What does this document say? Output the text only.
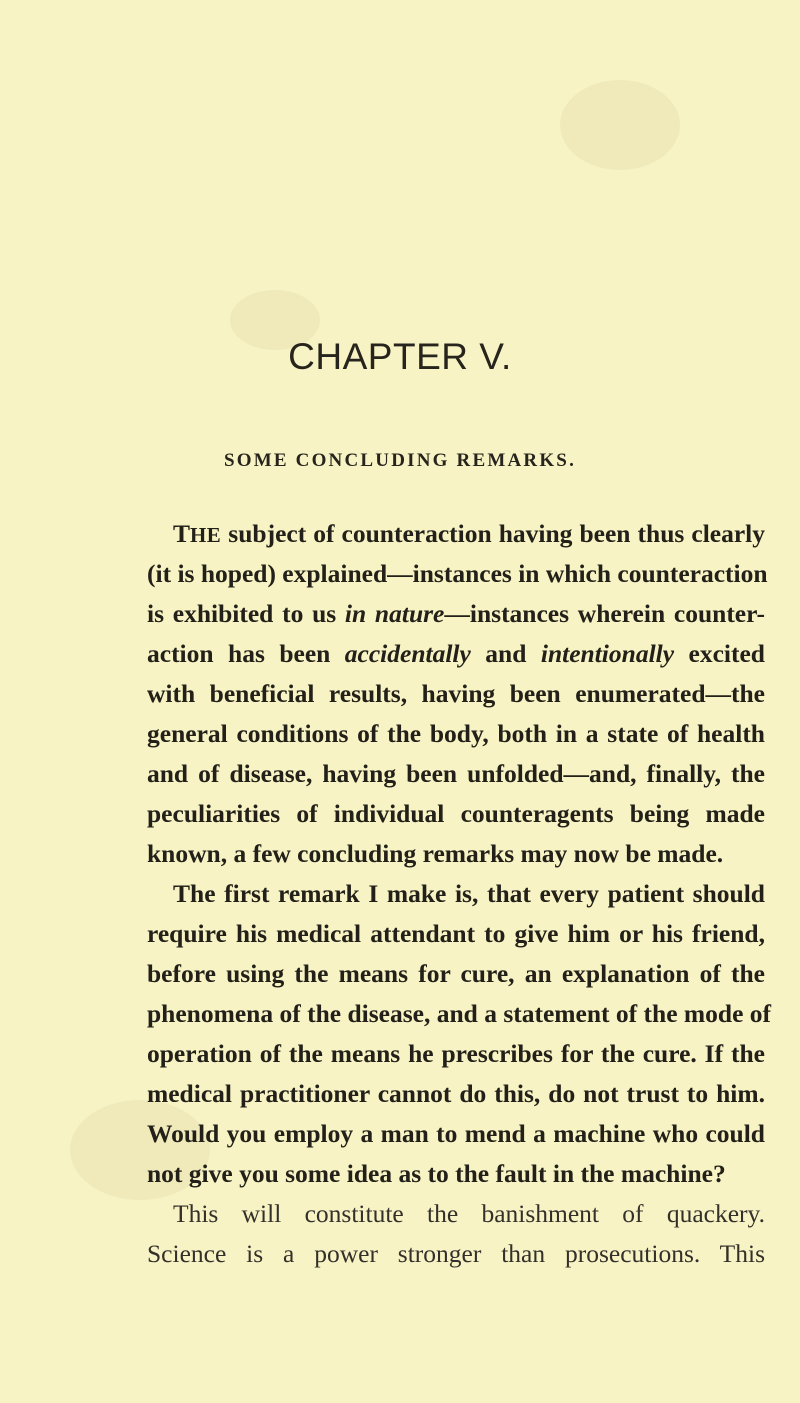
CHAPTER V.
SOME CONCLUDING REMARKS.
THE subject of counteraction having been thus clearly
(it is hoped) explained—instances in which counteraction
is exhibited to us in nature—instances wherein counter-
action has been accidentally and intentionally excited
with beneficial results, having been enumerated—the
general conditions of the body, both in a state of health
and of disease, having been unfolded—and, finally, the
peculiarities of individual counteragents being made
known, a few concluding remarks may now be made.
The first remark I make is, that every patient should
require his medical attendant to give him or his friend,
before using the means for cure, an explanation of the
phenomena of the disease, and a statement of the mode of
operation of the means he prescribes for the cure. If the
medical practitioner cannot do this, do not trust to him.
Would you employ a man to mend a machine who could
not give you some idea as to the fault in the machine?
This will constitute the banishment of quackery.
Science is a power stronger than prosecutions. This
